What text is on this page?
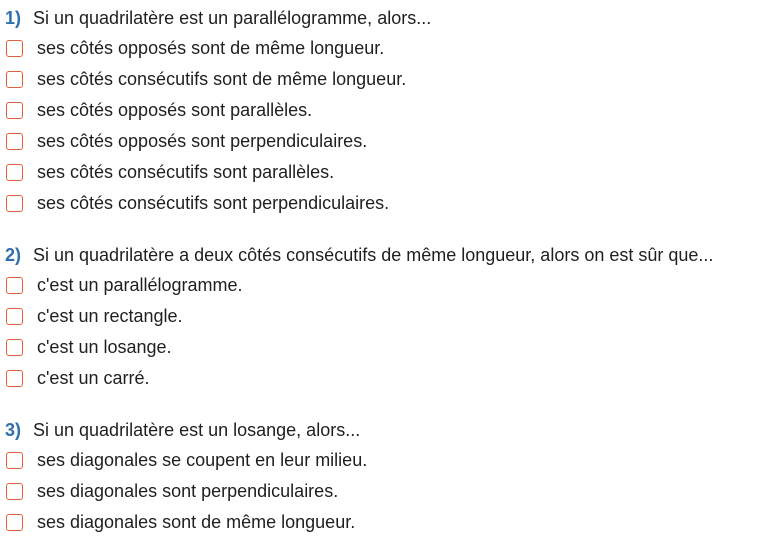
1) Si un quadrilatère est un parallélogramme, alors...
ses côtés opposés sont de même longueur.
ses côtés consécutifs sont de même longueur.
ses côtés opposés sont parallèles.
ses côtés opposés sont perpendiculaires.
ses côtés consécutifs sont parallèles.
ses côtés consécutifs sont perpendiculaires.
2) Si un quadrilatère a deux côtés consécutifs de même longueur, alors on est sûr que...
c'est un parallélogramme.
c'est un rectangle.
c'est un losange.
c'est un carré.
3) Si un quadrilatère est un losange, alors...
ses diagonales se coupent en leur milieu.
ses diagonales sont perpendiculaires.
ses diagonales sont de même longueur.
